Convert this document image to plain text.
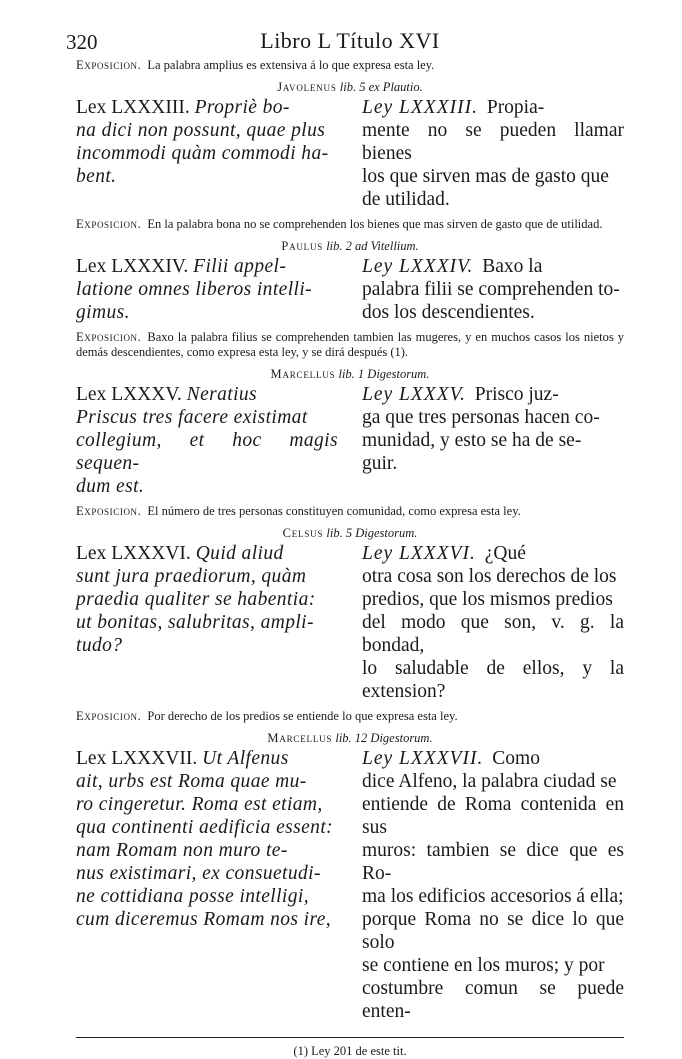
320	Libro L Título XVI

Exposicion. La palabra amplius es extensiva á lo que expresa esta ley.

Javolenus lib. 5 ex Plautio.
Lex LXXXIII. Propriè bo-
na dici non possunt, quae plus
incommodi quàm commodi ha-
bent.
Ley LXXXIII. Propia-
mente no se pueden llamar bienes
los que sirven mas de gasto que
de utilidad.

Exposicion. En la palabra bona no se comprehenden los bienes que mas sirven de gasto que de utilidad.

Paulus lib. 2 ad Vitellium.
Lex LXXXIV. Filii appel-
latione omnes liberos intelli-
gimus.
Ley LXXXIV. Baxo la
palabra filii se comprehenden to-
dos los descendientes.

Exposicion. Baxo la palabra filius se comprehenden tambien las mugeres, y en muchos casos los nietos y demás descendientes, como expresa esta ley, y se dirá después (1).

Marcellus lib. 1 Digestorum.
Lex LXXXV. Neratius
Priscus tres facere existimat
collegium, et hoc magis sequen-
dum est.
Ley LXXXV. Prisco juz-
ga que tres personas hacen co-
munidad, y esto se ha de se-
guir.

Exposicion. El número de tres personas constituyen comunidad, como expresa esta ley.

Celsus lib. 5 Digestorum.
Lex LXXXVI. Quid aliud
sunt jura praediorum, quàm
praedia qualiter se habentia:
ut bonitas, salubritas, ampli-
tudo?
Ley LXXXVI. ¿Qué
otra cosa son los derechos de los
predios, que los mismos predios
del modo que son, v. g. la bondad,
lo saludable de ellos, y la extension?

Exposicion. Por derecho de los predios se entiende lo que expresa esta ley.

Marcellus lib. 12 Digestorum.
Lex LXXXVII. Ut Alfenus
ait, urbs est Roma quae mu-
ro cingeretur. Roma est etiam,
qua continenti aedificia essent:
nam Romam non muro te-
nus existimari, ex consuetudi-
ne cottidiana posse intelligi,
cum diceremus Romam nos ire,
Ley LXXXVII. Como
dice Alfeno, la palabra ciudad se
entiende de Roma contenida en sus
muros: tambien se dice que es Ro-
ma los edificios accesorios á ella;
porque Roma no se dice lo que solo
se contiene en los muros; y por
costumbre comun se puede enten-
(1) Ley 201 de este tit.
